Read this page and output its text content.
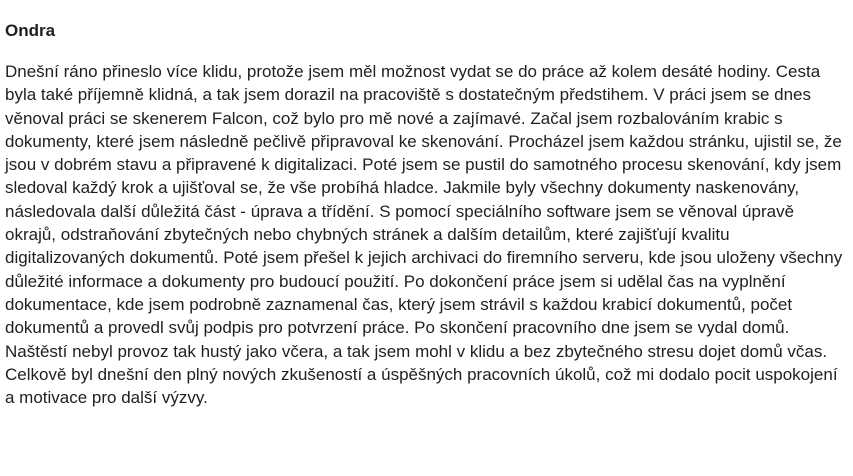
Ondra

Dnešní ráno přineslo více klidu, protože jsem měl možnost vydat se do práce až kolem desáté hodiny. Cesta byla také příjemně klidná, a tak jsem dorazil na pracoviště s dostatečným předstihem. V práci jsem se dnes věnoval práci se skenerem Falcon, což bylo pro mě nové a zajímavé. Začal jsem rozbalováním krabic s dokumenty, které jsem následně pečlivě připravoval ke skenování. Procházel jsem každou stránku, ujistil se, že jsou v dobrém stavu a připravené k digitalizaci. Poté jsem se pustil do samotného procesu skenování, kdy jsem sledoval každý krok a ujišťoval se, že vše probíhá hladce. Jakmile byly všechny dokumenty naskenovány, následovala další důležitá část - úprava a třídění. S pomocí speciálního software jsem se věnoval úpravě okrajů, odstraňování zbytečných nebo chybných stránek a dalším detailům, které zajišťují kvalitu digitalizovaných dokumentů. Poté jsem přešel k jejich archivaci do firemního serveru, kde jsou uloženy všechny důležité informace a dokumenty pro budoucí použití. Po dokončení práce jsem si udělal čas na vyplnění dokumentace, kde jsem podrobně zaznamenal čas, který jsem strávil s každou krabicí dokumentů, počet dokumentů a provedl svůj podpis pro potvrzení práce. Po skončení pracovního dne jsem se vydal domů. Naštěstí nebyl provoz tak hustý jako včera, a tak jsem mohl v klidu a bez zbytečného stresu dojet domů včas. Celkově byl dnešní den plný nových zkušeností a úspěšných pracovních úkolů, což mi dodalo pocit uspokojení a motivace pro další výzvy.
